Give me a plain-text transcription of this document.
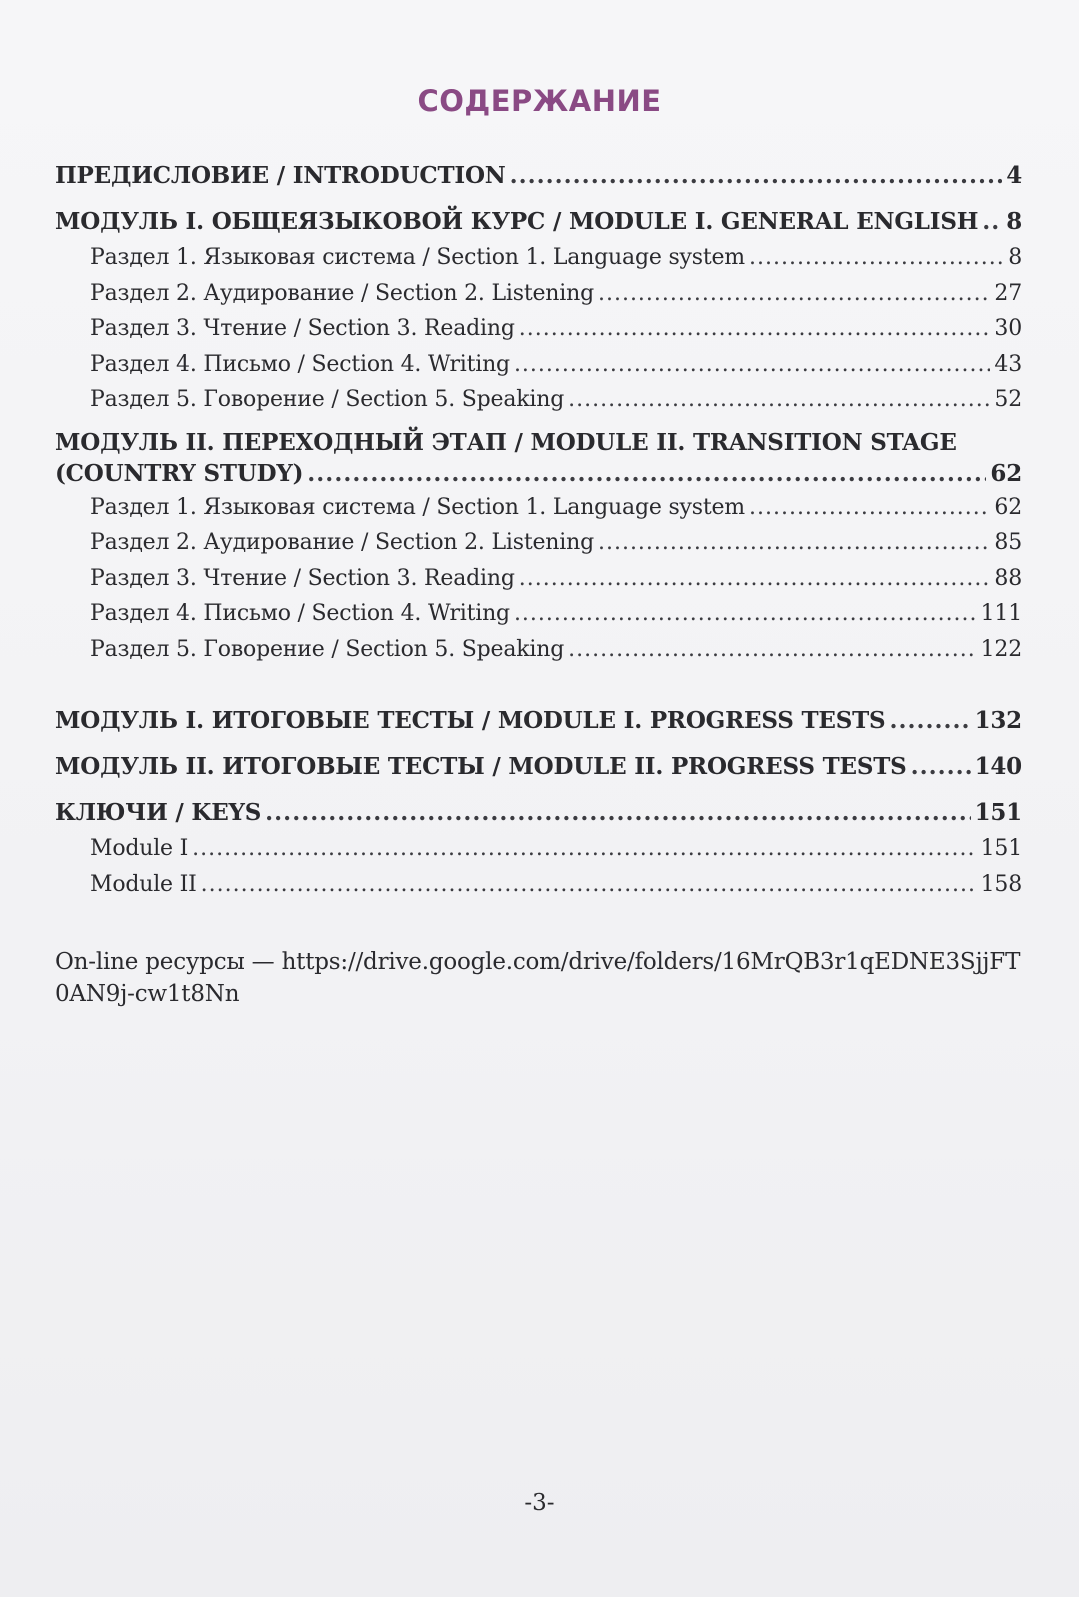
СОДЕРЖАНИЕ
ПРЕДИСЛОВИЕ / INTRODUCTION .....	4
МОДУЛЬ I. ОБЩЕЯЗЫКОВОЙ КУРС / MODULE I. GENERAL ENGLISH ..... 8
Раздел 1. Языковая система / Section 1. Language system .....	8
Раздел 2. Аудирование / Section 2. Listening .....	27
Раздел 3. Чтение / Section 3. Reading .....	30
Раздел 4. Письмо / Section 4. Writing .....	43
Раздел 5. Говорение / Section 5. Speaking .....	52
МОДУЛЬ II. ПЕРЕХОДНЫЙ ЭТАП / MODULE II. TRANSITION STAGE
(COUNTRY STUDY) .....	62
Раздел 1. Языковая система / Section 1. Language system .....	62
Раздел 2. Аудирование / Section 2. Listening .....	85
Раздел 3. Чтение / Section 3. Reading .....	88
Раздел 4. Письмо / Section 4. Writing .....	111
Раздел 5. Говорение / Section 5. Speaking .....	122
МОДУЛЬ I. ИТОГОВЫЕ ТЕСТЫ / MODULE I. PROGRESS TESTS .....	132
МОДУЛЬ II. ИТОГОВЫЕ ТЕСТЫ / MODULE II. PROGRESS TESTS .....	140
КЛЮЧИ / KEYS .....	151
Module I .....	151
Module II .....	158
On-line ресурсы — https://drive.google.com/drive/folders/16MrQB3r1qEDNE3SjjFT0AN9j-cw1t8Nn
-3-
